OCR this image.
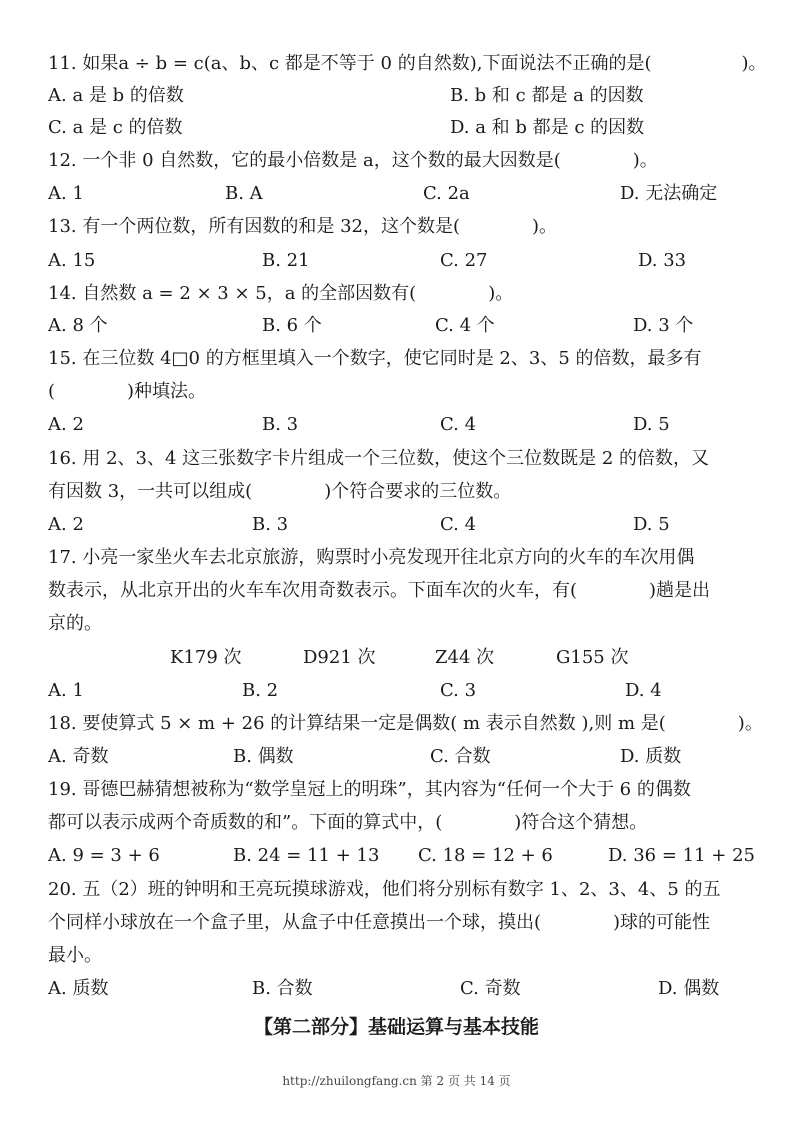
11. 如果a ÷ b = c(a、b、c 都是不等于 0 的自然数),下面说法不正确的是(　　　　　)。
A. a 是 b 的倍数	B. b 和 c 都是 a 的因数
C. a 是 c 的倍数	D. a 和 b 都是 c 的因数
12. 一个非 0 自然数，它的最小倍数是 a，这个数的最大因数是(　　　　)。
A. 1	B. A	C. 2a	D. 无法确定
13. 有一个两位数，所有因数的和是 32，这个数是(　　　　)。
A. 15	B. 21	C. 27	D. 33
14. 自然数 a = 2 × 3 × 5，a 的全部因数有(　　　　)。
A. 8 个	B. 6 个	C. 4 个	D. 3 个
15. 在三位数 4□0 的方框里填入一个数字，使它同时是 2、3、5 的倍数，最多有
(　　　　)种填法。
A. 2	B. 3	C. 4	D. 5
16. 用 2、3、4 这三张数字卡片组成一个三位数，使这个三位数既是 2 的倍数，又
有因数 3，一共可以组成(　　　　)个符合要求的三位数。
A. 2	B. 3	C. 4	D. 5
17. 小亮一家坐火车去北京旅游，购票时小亮发现开往北京方向的火车的车次用偶
数表示，从北京开出的火车车次用奇数表示。下面车次的火车，有(　　　　)趟是出
京的。
K179 次	D921 次	Z44 次	G155 次
A. 1	B. 2	C. 3	D. 4
18. 要使算式 5 × m + 26 的计算结果一定是偶数( m 表示自然数 ),则 m 是(　　　　)。
A. 奇数	B. 偶数	C. 合数	D. 质数
19. 哥德巴赫猜想被称为“数学皇冠上的明珠”，其内容为“任何一个大于 6 的偶数
都可以表示成两个奇质数的和”。下面的算式中，(　　　　)符合这个猜想。
A. 9 = 3 + 6	B. 24 = 11 + 13 C. 18 = 12 + 6	D. 36 = 11 + 25
20. 五（2）班的钟明和王亮玩摸球游戏，他们将分别标有数字 1、2、3、4、5 的五
个同样小球放在一个盒子里，从盒子中任意摸出一个球，摸出(　　　　)球的可能性
最小。
A. 质数	B. 合数	C. 奇数	D. 偶数
【第二部分】基础运算与基本技能
http://zhuilongfang.cn 第 2 页 共 14 页
